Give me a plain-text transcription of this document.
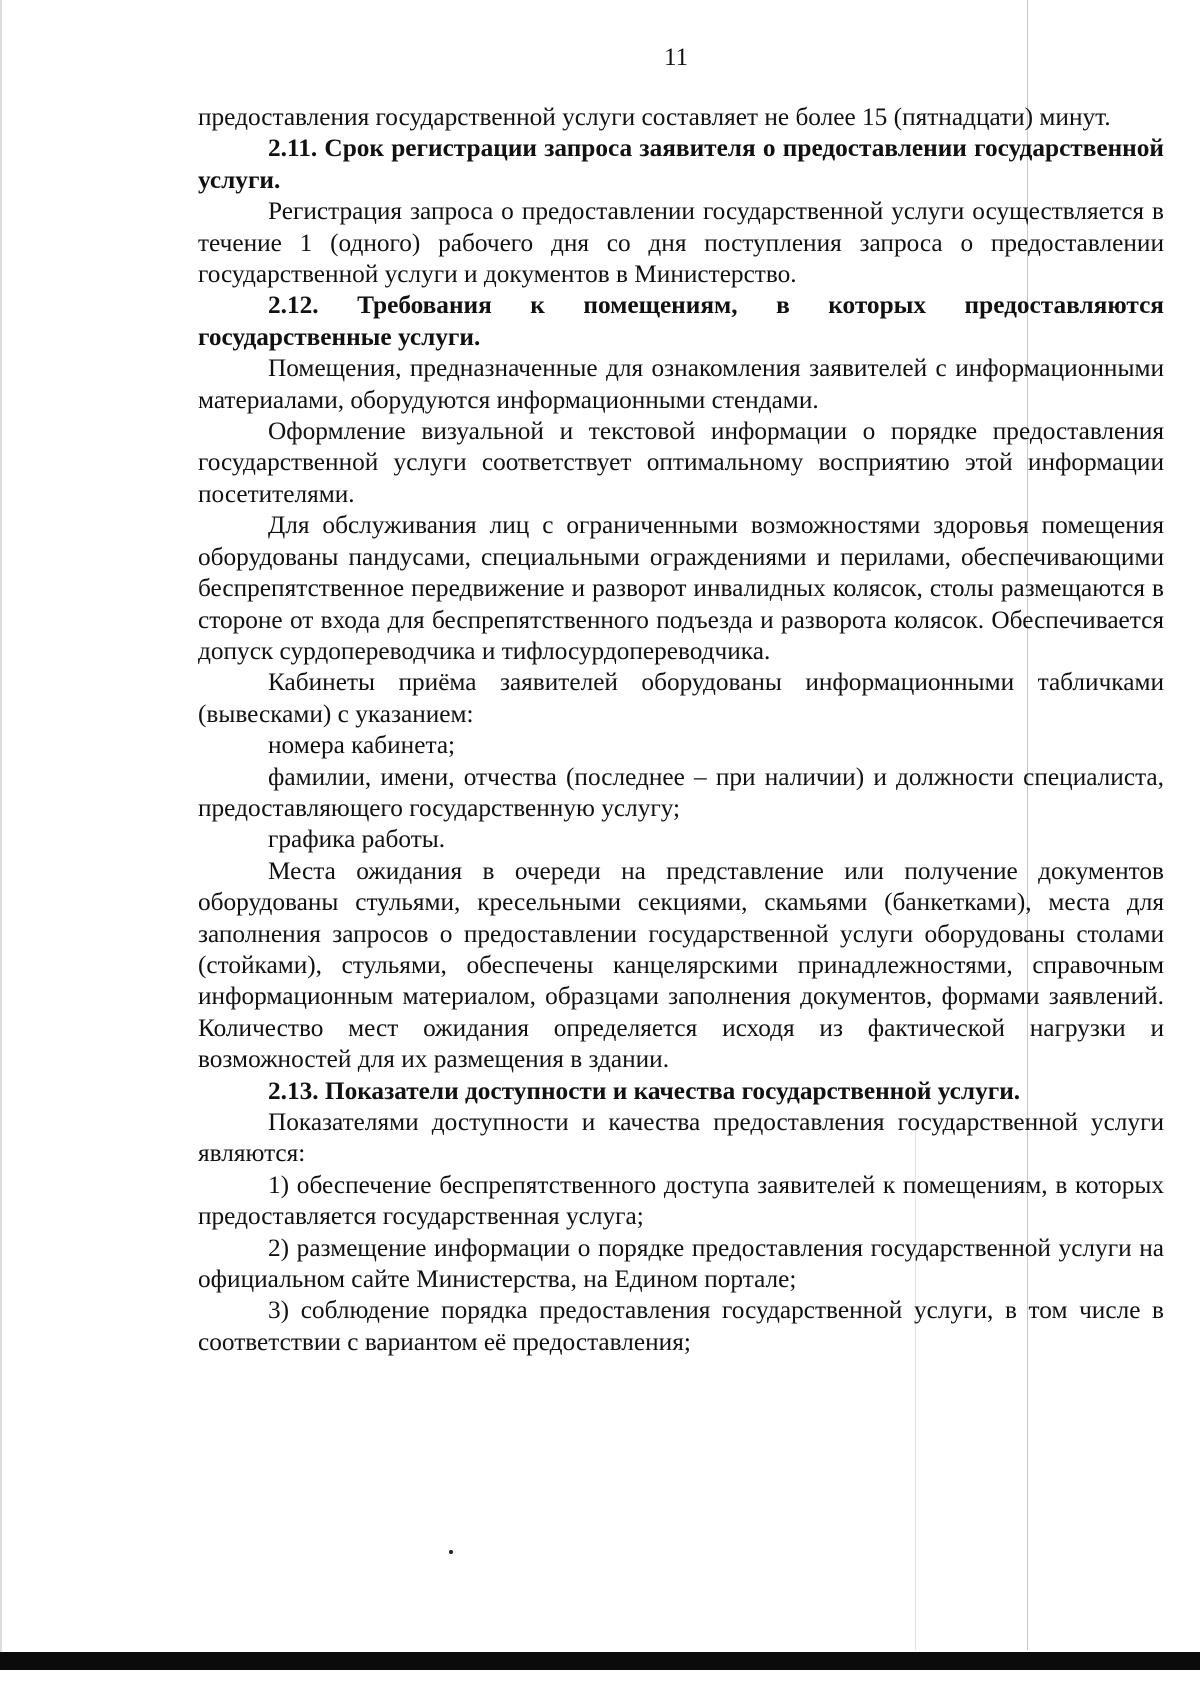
11

предоставления государственной услуги составляет не более 15 (пятнадцати) минут.

2.11. Срок регистрации запроса заявителя о предоставлении государственной услуги.

Регистрация запроса о предоставлении государственной услуги осуществляется в течение 1 (одного) рабочего дня со дня поступления запроса о предоставлении государственной услуги и документов в Министерство.

2.12. Требования к помещениям, в которых предоставляются государственные услуги.

Помещения, предназначенные для ознакомления заявителей с информационными материалами, оборудуются информационными стендами.

Оформление визуальной и текстовой информации о порядке предоставления государственной услуги соответствует оптимальному восприятию этой информации посетителями.

Для обслуживания лиц с ограниченными возможностями здоровья помещения оборудованы пандусами, специальными ограждениями и перилами, обеспечивающими беспрепятственное передвижение и разворот инвалидных колясок, столы размещаются в стороне от входа для беспрепятственного подъезда и разворота колясок. Обеспечивается допуск сурдопереводчика и тифлосурдопереводчика.

Кабинеты приёма заявителей оборудованы информационными табличками (вывесками) с указанием:

номера кабинета;

фамилии, имени, отчества (последнее – при наличии) и должности специалиста, предоставляющего государственную услугу;

графика работы.

Места ожидания в очереди на представление или получение документов оборудованы стульями, кресельными секциями, скамьями (банкетками), места для заполнения запросов о предоставлении государственной услуги оборудованы столами (стойками), стульями, обеспечены канцелярскими принадлежностями, справочным информационным материалом, образцами заполнения документов, формами заявлений. Количество мест ожидания определяется исходя из фактической нагрузки и возможностей для их размещения в здании.

2.13. Показатели доступности и качества государственной услуги.

Показателями доступности и качества предоставления государственной услуги являются:

1) обеспечение беспрепятственного доступа заявителей к помещениям, в которых предоставляется государственная услуга;

2) размещение информации о порядке предоставления государственной услуги на официальном сайте Министерства, на Едином портале;

3) соблюдение порядка предоставления государственной услуги, в том числе в соответствии с вариантом её предоставления;
